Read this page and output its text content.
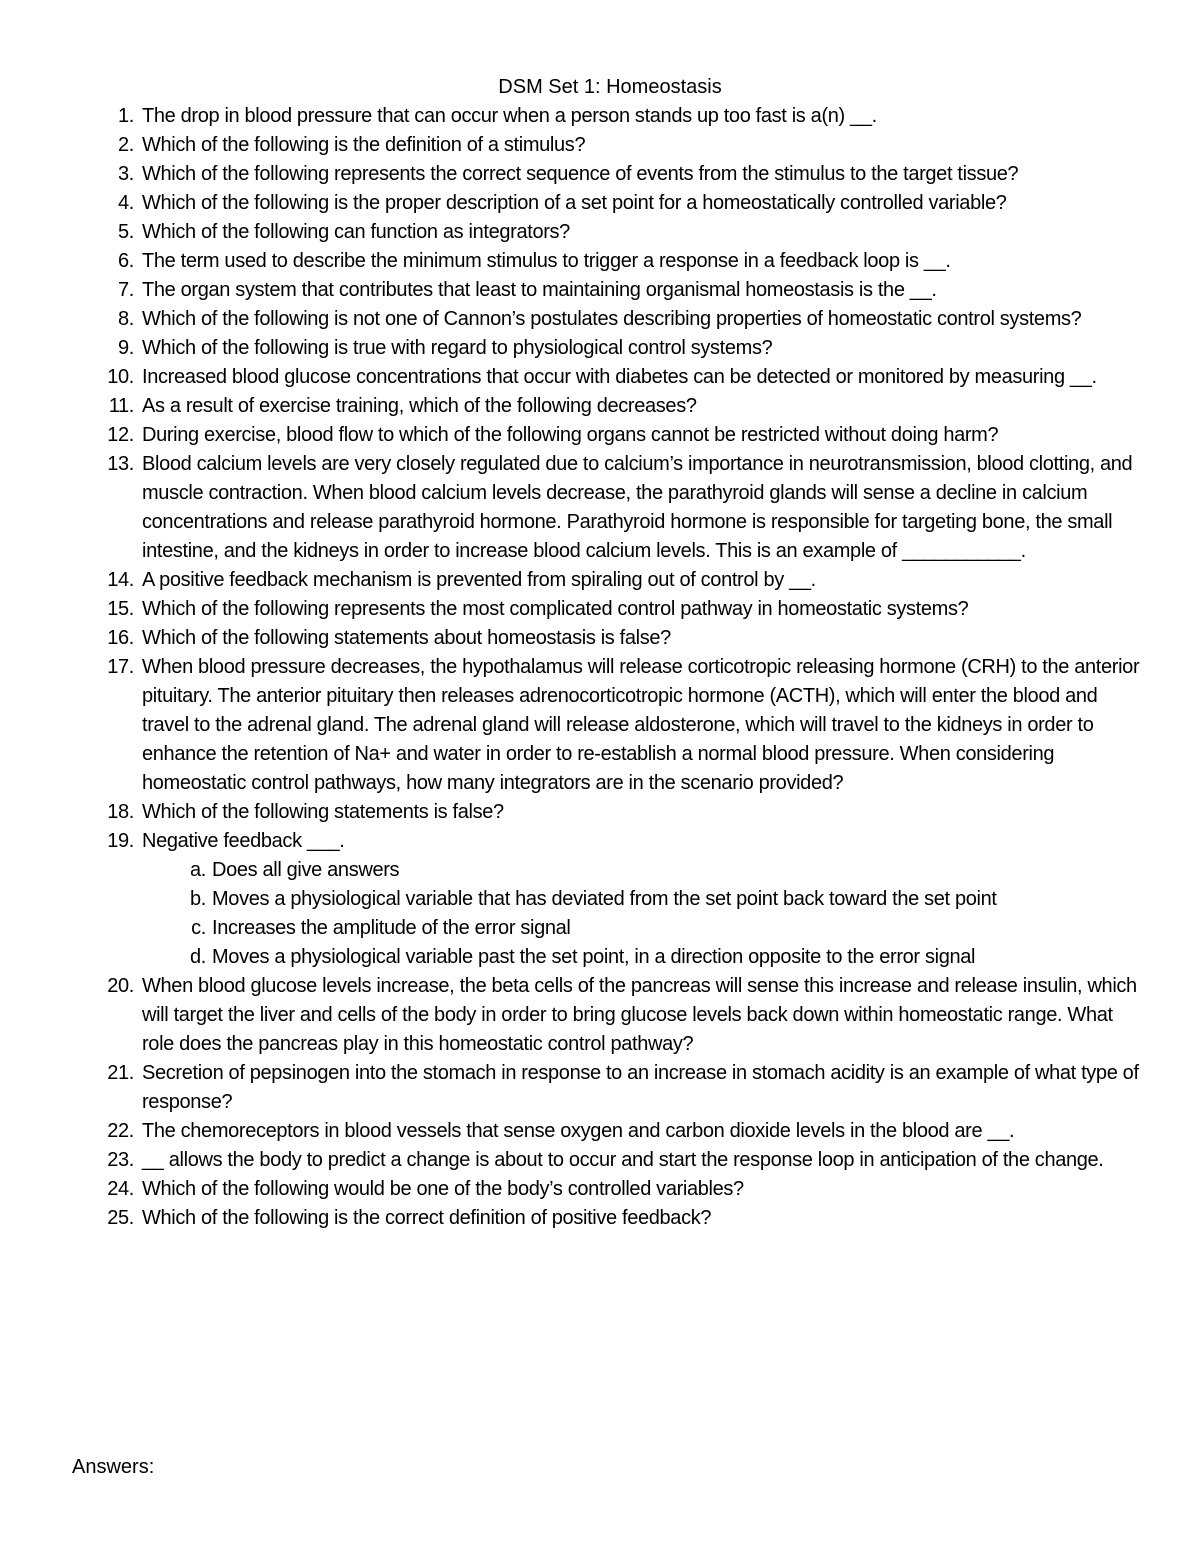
DSM Set 1: Homeostasis
1. The drop in blood pressure that can occur when a person stands up too fast is a(n) __.
2. Which of the following is the definition of a stimulus?
3. Which of the following represents the correct sequence of events from the stimulus to the target tissue?
4. Which of the following is the proper description of a set point for a homeostatically controlled variable?
5. Which of the following can function as integrators?
6. The term used to describe the minimum stimulus to trigger a response in a feedback loop is __.
7. The organ system that contributes that least to maintaining organismal homeostasis is the __.
8. Which of the following is not one of Cannon’s postulates describing properties of homeostatic control systems?
9. Which of the following is true with regard to physiological control systems?
10. Increased blood glucose concentrations that occur with diabetes can be detected or monitored by measuring __.
11. As a result of exercise training, which of the following decreases?
12. During exercise, blood flow to which of the following organs cannot be restricted without doing harm?
13. Blood calcium levels are very closely regulated due to calcium’s importance in neurotransmission, blood clotting, and muscle contraction. When blood calcium levels decrease, the parathyroid glands will sense a decline in calcium concentrations and release parathyroid hormone. Parathyroid hormone is responsible for targeting bone, the small intestine, and the kidneys in order to increase blood calcium levels. This is an example of ___________.
14. A positive feedback mechanism is prevented from spiraling out of control by __.
15. Which of the following represents the most complicated control pathway in homeostatic systems?
16. Which of the following statements about homeostasis is false?
17. When blood pressure decreases, the hypothalamus will release corticotropic releasing hormone (CRH) to the anterior pituitary. The anterior pituitary then releases adrenocorticotropic hormone (ACTH), which will enter the blood and travel to the adrenal gland. The adrenal gland will release aldosterone, which will travel to the kidneys in order to enhance the retention of Na+ and water in order to re-establish a normal blood pressure. When considering homeostatic control pathways, how many integrators are in the scenario provided?
18. Which of the following statements is false?
19. Negative feedback ___.
a. Does all give answers
b. Moves a physiological variable that has deviated from the set point back toward the set point
c. Increases the amplitude of the error signal
d. Moves a physiological variable past the set point, in a direction opposite to the error signal
20. When blood glucose levels increase, the beta cells of the pancreas will sense this increase and release insulin, which will target the liver and cells of the body in order to bring glucose levels back down within homeostatic range. What role does the pancreas play in this homeostatic control pathway?
21. Secretion of pepsinogen into the stomach in response to an increase in stomach acidity is an example of what type of response?
22. The chemoreceptors in blood vessels that sense oxygen and carbon dioxide levels in the blood are __.
23. __ allows the body to predict a change is about to occur and start the response loop in anticipation of the change.
24. Which of the following would be one of the body’s controlled variables?
25. Which of the following is the correct definition of positive feedback?
Answers:
